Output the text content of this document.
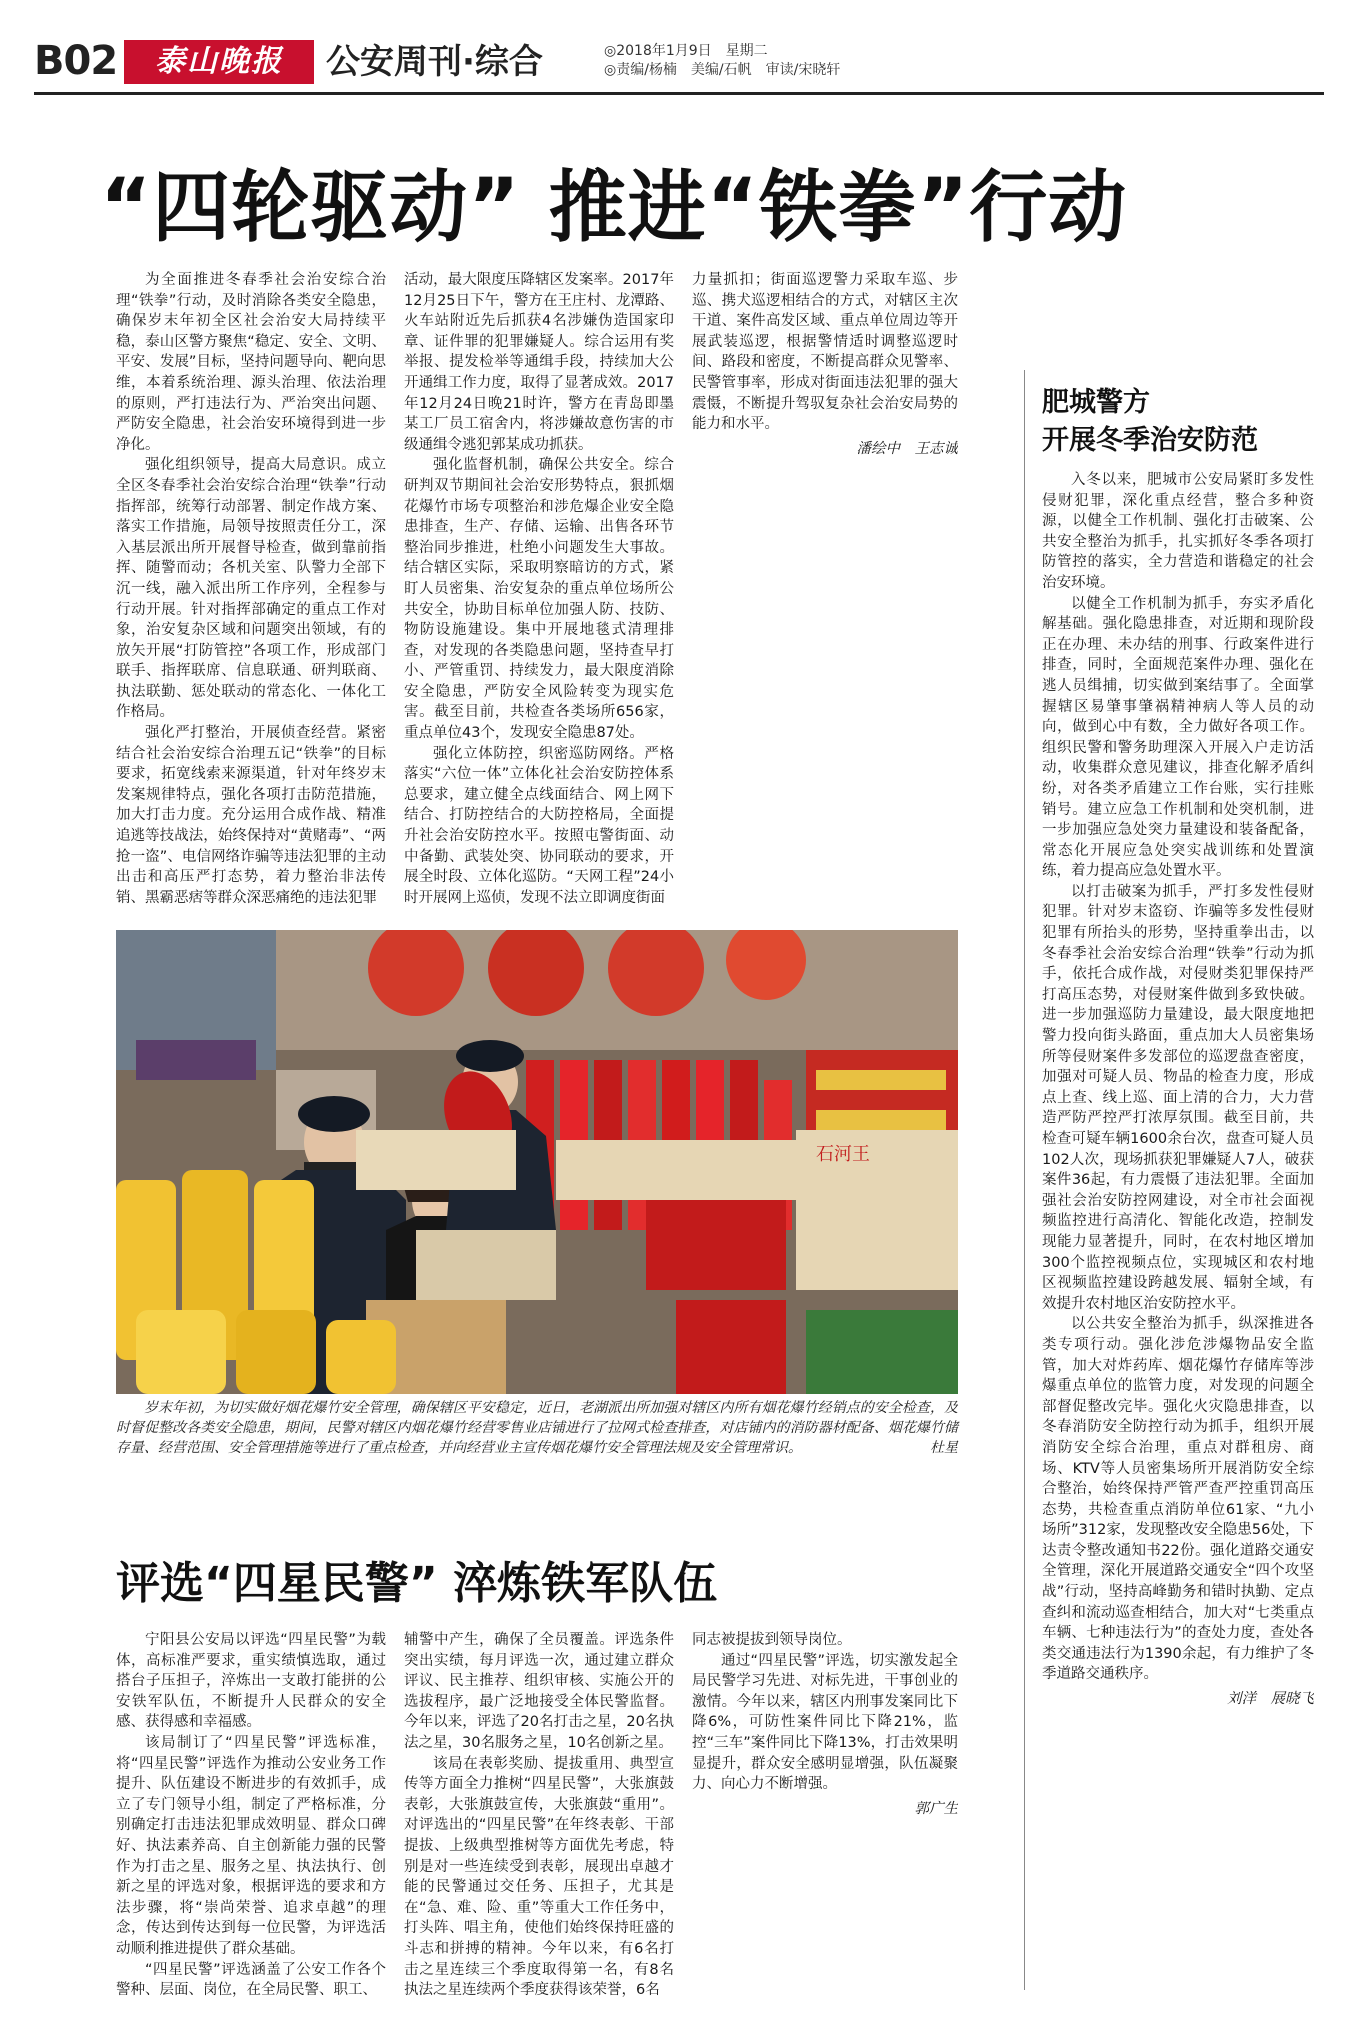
B02	泰山晚报	公安周刊·综合	◎2018年1月9日　星期二
◎责编/杨楠　美编/石帆　审读/宋晓轩
“四轮驱动” 推进“铁拳”行动

为全面推进冬春季社会治安综合治理“铁拳”行动，及时消除各类安全隐患，确保岁末年初全区社会治安大局持续平稳，泰山区警方聚焦“稳定、安全、文明、平安、发展”目标，坚持问题导向、靶向思维，本着系统治理、源头治理、依法治理的原则，严打违法行为、严治突出问题、严防安全隐患，社会治安环境得到进一步净化。

强化组织领导，提高大局意识。成立全区冬春季社会治安综合治理“铁拳”行动指挥部，统筹行动部署、制定作战方案、落实工作措施，局领导按照责任分工，深入基层派出所开展督导检查，做到靠前指挥、随警而动；各机关室、队警力全部下沉一线，融入派出所工作序列，全程参与行动开展。针对指挥部确定的重点工作对象，治安复杂区域和问题突出领域，有的放矢开展“打防管控”各项工作，形成部门联手、指挥联席、信息联通、研判联商、执法联勤、惩处联动的常态化、一体化工作格局。

强化严打整治，开展侦查经营。紧密结合社会治安综合治理五记“铁拳”的目标要求，拓宽线索来源渠道，针对年终岁末发案规律特点，强化各项打击防范措施，加大打击力度。充分运用合成作战、精准追逃等技战法，始终保持对“黄赌毒”、“两抢一盗”、电信网络诈骗等违法犯罪的主动出击和高压严打态势，着力整治非法传销、黑霸恶痞等群众深恶痛绝的违法犯罪

活动，最大限度压降辖区发案率。2017年12月25日下午，警方在王庄村、龙潭路、火车站附近先后抓获4名涉嫌伪造国家印章、证件罪的犯罪嫌疑人。综合运用有奖举报、提发检举等通缉手段，持续加大公开通缉工作力度，取得了显著成效。2017年12月24日晚21时许，警方在青岛即墨某工厂员工宿舍内，将涉嫌故意伤害的市级通缉令逃犯郭某成功抓获。

强化监督机制，确保公共安全。综合研判双节期间社会治安形势特点，狠抓烟花爆竹市场专项整治和涉危爆企业安全隐患排查，生产、存储、运输、出售各环节整治同步推进，杜绝小问题发生大事故。结合辖区实际，采取明察暗访的方式，紧盯人员密集、治安复杂的重点单位场所公共安全，协助目标单位加强人防、技防、物防设施建设。集中开展地毯式清理排查，对发现的各类隐患问题，坚持查早打小、严管重罚、持续发力，最大限度消除安全隐患，严防安全风险转变为现实危害。截至目前，共检查各类场所656家，重点单位43个，发现安全隐患87处。

强化立体防控，织密巡防网络。严格落实“六位一体”立体化社会治安防控体系总要求，建立健全点线面结合、网上网下结合、打防控结合的大防控格局，全面提升社会治安防控水平。按照屯警街面、动中备勤、武装处突、协同联动的要求，开展全时段、立体化巡防。“天网工程”24小时开展网上巡侦，发现不法立即调度街面

力量抓扣；街面巡逻警力采取车巡、步巡、携犬巡逻相结合的方式，对辖区主次干道、案件高发区域、重点单位周边等开展武装巡逻，根据警情适时调整巡逻时间、路段和密度，不断提高群众见警率、民警管事率，形成对街面违法犯罪的强大震慑，不断提升驾驭复杂社会治安局势的能力和水平。

潘绘中　王志诚
肥城警方
开展冬季治安防范

入冬以来，肥城市公安局紧盯多发性侵财犯罪，深化重点经营，整合多种资源，以健全工作机制、强化打击破案、公共安全整治为抓手，扎实抓好冬季各项打防管控的落实，全力营造和谐稳定的社会治安环境。

以健全工作机制为抓手，夯实矛盾化解基础。强化隐患排查，对近期和现阶段正在办理、未办结的刑事、行政案件进行排查，同时，全面规范案件办理、强化在逃人员缉捕，切实做到案结事了。全面掌握辖区易肇事肇祸精神病人等人员的动向，做到心中有数，全力做好各项工作。组织民警和警务助理深入开展入户走访活动，收集群众意见建议，排查化解矛盾纠纷，对各类矛盾建立工作台账，实行挂账销号。建立应急工作机制和处突机制，进一步加强应急处突力量建设和装备配备，常态化开展应急处突实战训练和处置演练，着力提高应急处置水平。

以打击破案为抓手，严打多发性侵财犯罪。针对岁末盗窃、诈骗等多发性侵财犯罪有所抬头的形势，坚持重拳出击，以冬春季社会治安综合治理“铁拳”行动为抓手，依托合成作战，对侵财类犯罪保持严打高压态势，对侵财案件做到多致快破。进一步加强巡防力量建设，最大限度地把警力投向街头路面，重点加大人员密集场所等侵财案件多发部位的巡逻盘查密度，加强对可疑人员、物品的检查力度，形成点上查、线上巡、面上清的合力，大力营造严防严控严打浓厚氛围。截至目前，共检查可疑车辆1600余台次，盘查可疑人员102人次，现场抓获犯罪嫌疑人7人，破获案件36起，有力震慑了违法犯罪。全面加强社会治安防控网建设，对全市社会面视频监控进行高清化、智能化改造，控制发现能力显著提升，同时，在农村地区增加300个监控视频点位，实现城区和农村地区视频监控建设跨越发展、辐射全域，有效提升农村地区治安防控水平。

以公共安全整治为抓手，纵深推进各类专项行动。强化涉危涉爆物品安全监管，加大对炸药库、烟花爆竹存储库等涉爆重点单位的监管力度，对发现的问题全部督促整改完毕。强化火灾隐患排查，以冬春消防安全防控行动为抓手，组织开展消防安全综合治理，重点对群租房、商场、KTV等人员密集场所开展消防安全综合整治，始终保持严管严查严控重罚高压态势，共检查重点消防单位61家、“九小场所”312家，发现整改安全隐患56处，下达责令整改通知书22份。强化道路交通安全管理，深化开展道路交通安全“四个攻坚战”行动，坚持高峰勤务和错时执勤、定点查纠和流动巡查相结合，加大对“七类重点车辆、七种违法行为”的查处力度，查处各类交通违法行为1390余起，有力维护了冬季道路交通秩序。

刘洋　展晓飞
石河王
岁末年初，为切实做好烟花爆竹安全管理，确保辖区平安稳定，近日，老湖派出所加强对辖区内所有烟花爆竹经销点的安全检查，及时督促整改各类安全隐患，期间，民警对辖区内烟花爆竹经营零售业店铺进行了拉网式检查排查，对店铺内的消防器材配备、烟花爆竹储存量、经营范围、安全管理措施等进行了重点检查，并向经营业主宣传烟花爆竹安全管理法规及安全管理常识。	杜星
评选“四星民警” 淬炼铁军队伍

宁阳县公安局以评选“四星民警”为载体，高标准严要求，重实绩慎选取，通过搭台子压担子，淬炼出一支敢打能拼的公安铁军队伍，不断提升人民群众的安全感、获得感和幸福感。

该局制订了“四星民警”评选标准，将“四星民警”评选作为推动公安业务工作提升、队伍建设不断进步的有效抓手，成立了专门领导小组，制定了严格标准，分别确定打击违法犯罪成效明显、群众口碑好、执法素养高、自主创新能力强的民警作为打击之星、服务之星、执法执行、创新之星的评选对象，根据评选的要求和方法步骤，将“崇尚荣誉、追求卓越”的理念，传达到传达到每一位民警，为评选活动顺利推进提供了群众基础。

“四星民警”评选涵盖了公安工作各个警种、层面、岗位，在全局民警、职工、

辅警中产生，确保了全员覆盖。评选条件突出实绩，每月评选一次，通过建立群众评议、民主推荐、组织审核、实施公开的选拔程序，最广泛地接受全体民警监督。今年以来，评选了20名打击之星，20名执法之星，30名服务之星，10名创新之星。

该局在表彰奖励、提拔重用、典型宣传等方面全力推树“四星民警”，大张旗鼓表彰，大张旗鼓宣传，大张旗鼓“重用”。对评选出的“四星民警”在年终表彰、干部提拔、上级典型推树等方面优先考虑，特别是对一些连续受到表彰，展现出卓越才能的民警通过交任务、压担子，尤其是在“急、难、险、重”等重大工作任务中，打头阵、唱主角，使他们始终保持旺盛的斗志和拼搏的精神。今年以来，有6名打击之星连续三个季度取得第一名，有8名执法之星连续两个季度获得该荣誉，6名

同志被提拔到领导岗位。

通过“四星民警”评选，切实激发起全局民警学习先进、对标先进，干事创业的激情。今年以来，辖区内刑事发案同比下降6%，可防性案件同比下降21%，监控“三车”案件同比下降13%，打击效果明显提升，群众安全感明显增强，队伍凝聚力、向心力不断增强。

郭广生
